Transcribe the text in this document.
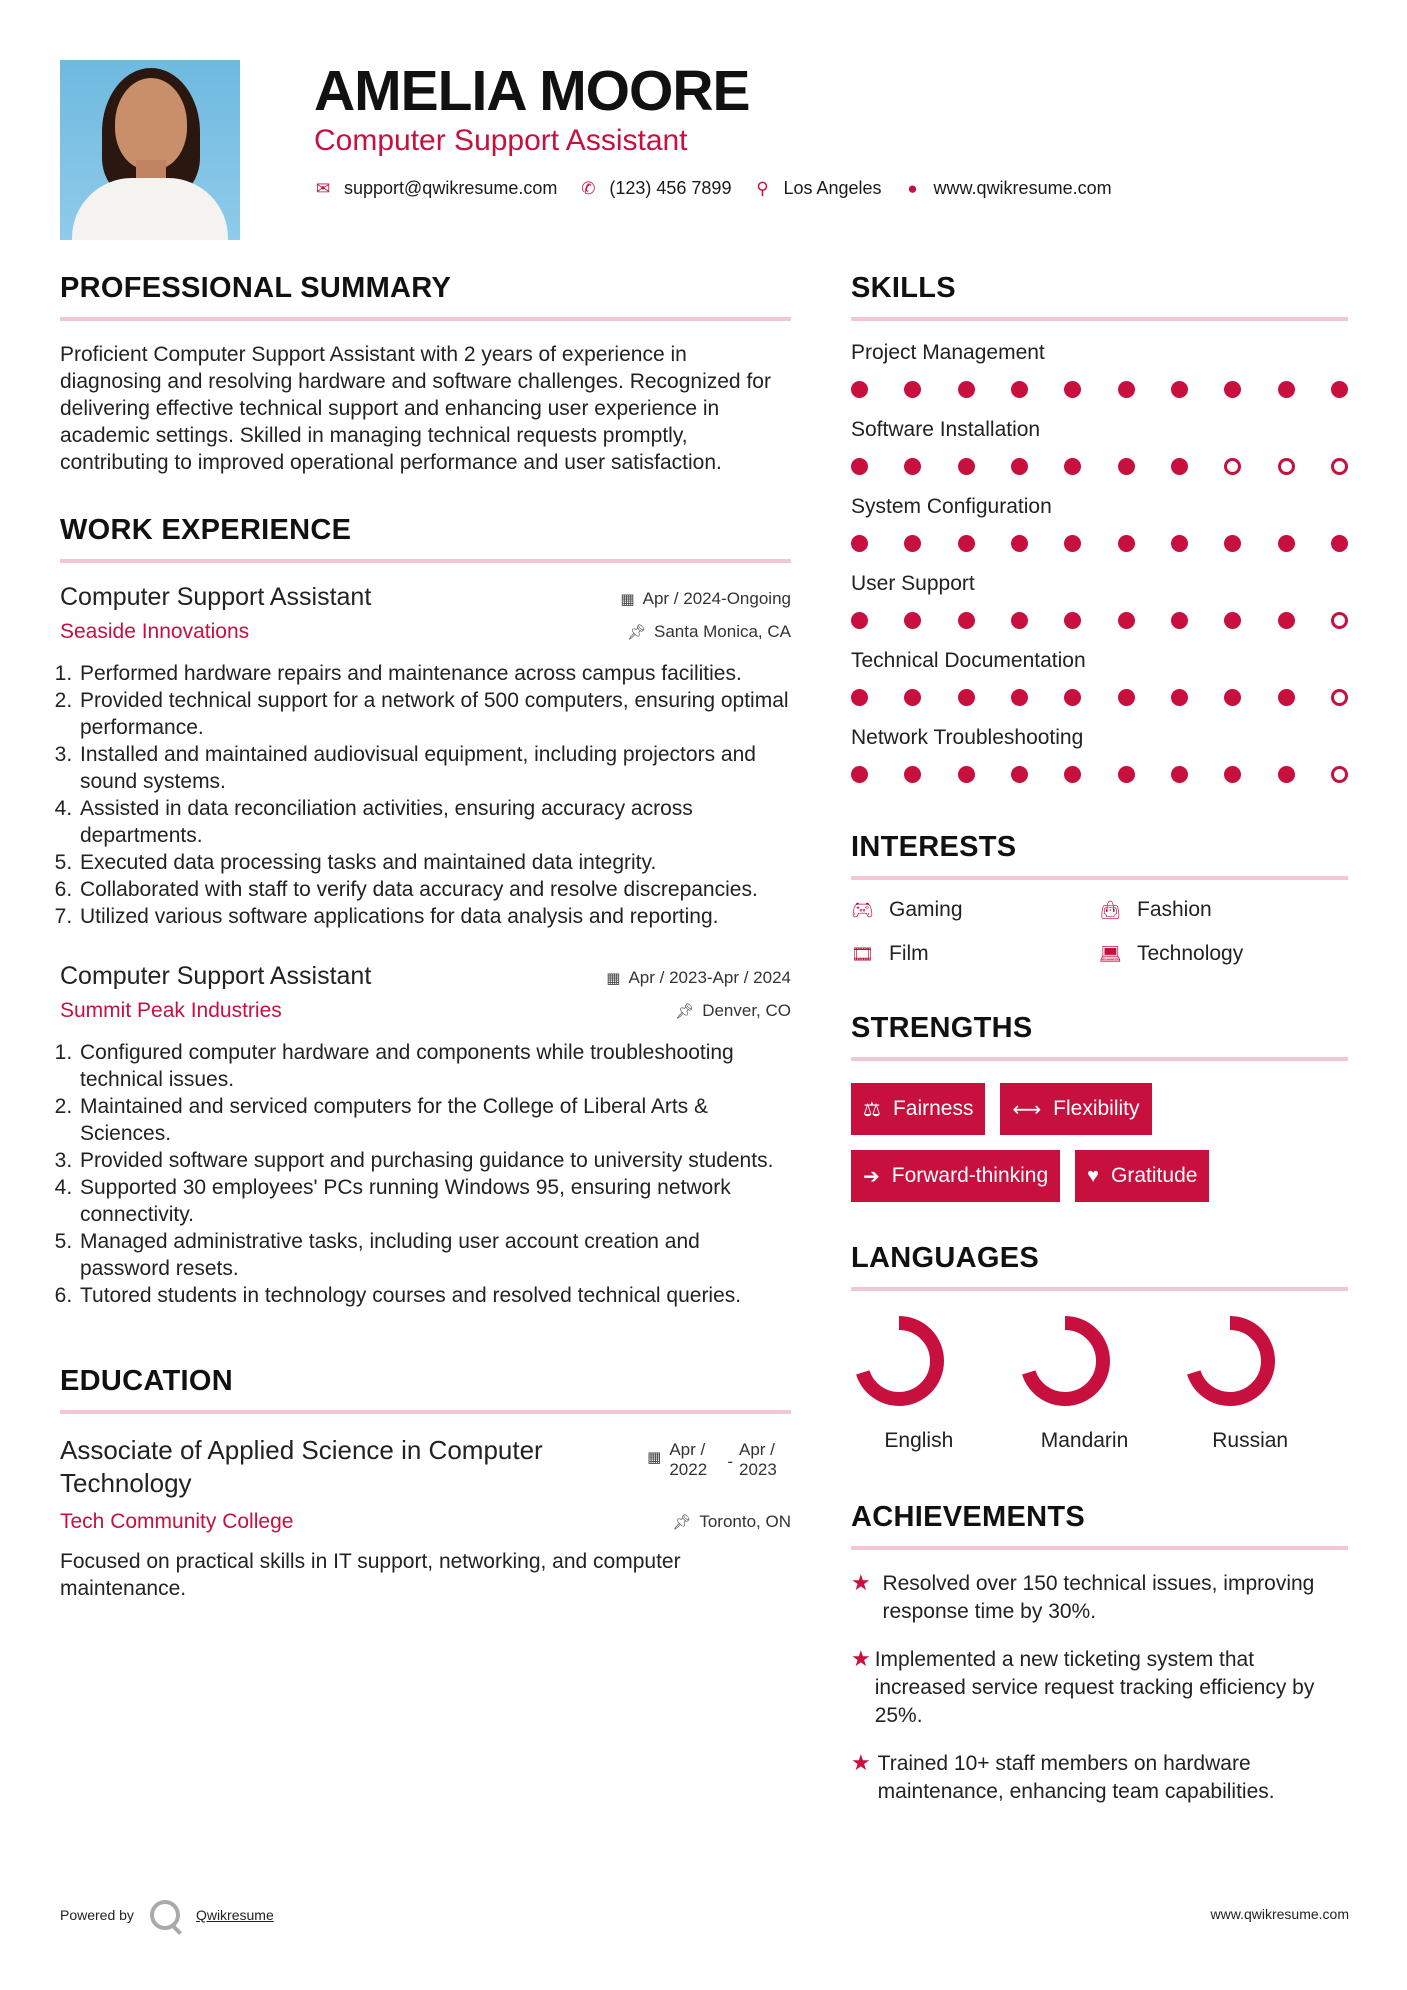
AMELIA MOORE
Computer Support Assistant
✉ support@qwikresume.com ✆ (123) 456 7899 ⚲ Los Angeles ● www.qwikresume.com
PROFESSIONAL SUMMARY
Proficient Computer Support Assistant with 2 years of experience in diagnosing and resolving hardware and software challenges. Recognized for delivering effective technical support and enhancing user experience in academic settings. Skilled in managing technical requests promptly, contributing to improved operational performance and user satisfaction.
WORK EXPERIENCE
Computer Support Assistant	▦ Apr / 2024-Ongoing
Seaside Innovations	📌︎ Santa Monica, CA
1. Performed hardware repairs and maintenance across campus facilities.
2. Provided technical support for a network of 500 computers, ensuring optimal performance.
3. Installed and maintained audiovisual equipment, including projectors and sound systems.
4. Assisted in data reconciliation activities, ensuring accuracy across departments.
5. Executed data processing tasks and maintained data integrity.
6. Collaborated with staff to verify data accuracy and resolve discrepancies.
7. Utilized various software applications for data analysis and reporting.
Computer Support Assistant	▦ Apr / 2023-Apr / 2024
Summit Peak Industries	📌︎ Denver, CO
1. Configured computer hardware and components while troubleshooting technical issues.
2. Maintained and serviced computers for the College of Liberal Arts & Sciences.
3. Provided software support and purchasing guidance to university students.
4. Supported 30 employees' PCs running Windows 95, ensuring network connectivity.
5. Managed administrative tasks, including user account creation and password resets.
6. Tutored students in technology courses and resolved technical queries.
EDUCATION
Associate of Applied Science in Computer Technology
▦ Apr / 2022	-
Apr / 2023
Tech Community College	📌︎ Toronto, ON
Focused on practical skills in IT support, networking, and computer maintenance.
SKILLS
Project Management
Software Installation
System Configuration
User Support
Technical Documentation
Network Troubleshooting
INTERESTS
🎮︎ Gaming	👜︎ Fashion
🎞︎ Film	💻︎ Technology
STRENGTHS
⚖ Fairness ⟷ Flexibility
➔ Forward-thinking ♥ Gratitude
LANGUAGES
English	Mandarin	Russian
ACHIEVEMENTS
★ Resolved over 150 technical issues, improving response time by 30%.
★ Implemented a new ticketing system that increased service request tracking efficiency by 25%.
★ Trained 10+ staff members on hardware maintenance, enhancing team capabilities.
Powered by	Qwikresume	www.qwikresume.com
